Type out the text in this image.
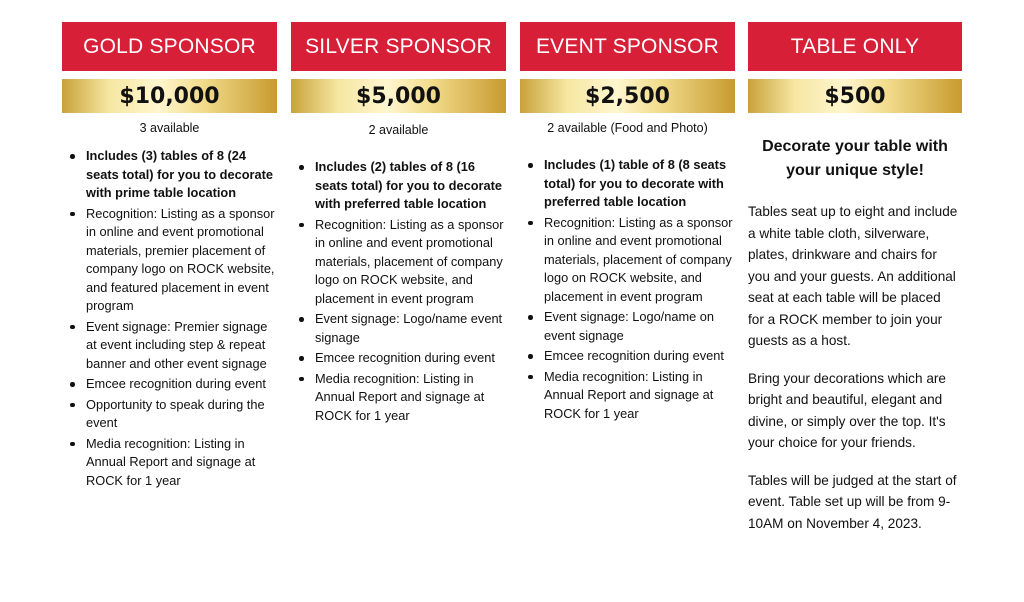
GOLD SPONSOR
$10,000
3 available
Includes (3) tables of 8 (24 seats total) for you to decorate with prime table location
Recognition: Listing as a sponsor in online and event promotional materials, premier placement of company logo on ROCK website, and featured placement in event program
Event signage: Premier signage at event including step & repeat banner and other event signage
Emcee recognition during event
Opportunity to speak during the event
Media recognition: Listing in Annual Report and signage at ROCK for 1 year
SILVER SPONSOR
$5,000
2 available
Includes (2) tables of 8 (16 seats total) for you to decorate with preferred table location
Recognition: Listing as a sponsor in online and event promotional materials, placement of company logo on ROCK website, and placement in event program
Event signage: Logo/name event signage
Emcee recognition during event
Media recognition: Listing in Annual Report and signage at ROCK for 1 year
EVENT SPONSOR
$2,500
2 available (Food and Photo)
Includes (1) table of 8 (8 seats total) for you to decorate with preferred table location
Recognition: Listing as a sponsor in online and event promotional materials, placement of company logo on ROCK website, and placement in event program
Event signage: Logo/name on event signage
Emcee recognition during event
Media recognition: Listing in Annual Report and signage at ROCK for 1 year
TABLE ONLY
$500
Decorate your table with your unique style!

Tables seat up to eight and include a white table cloth, silverware, plates, drinkware and chairs for you and your guests. An additional seat at each table will be placed for a ROCK member to join your guests as a host.

Bring your decorations which are bright and beautiful, elegant and divine, or simply over the top. It's your choice for your friends.

Tables will be judged at the start of event. Table set up will be from 9-10AM on November 4, 2023.
